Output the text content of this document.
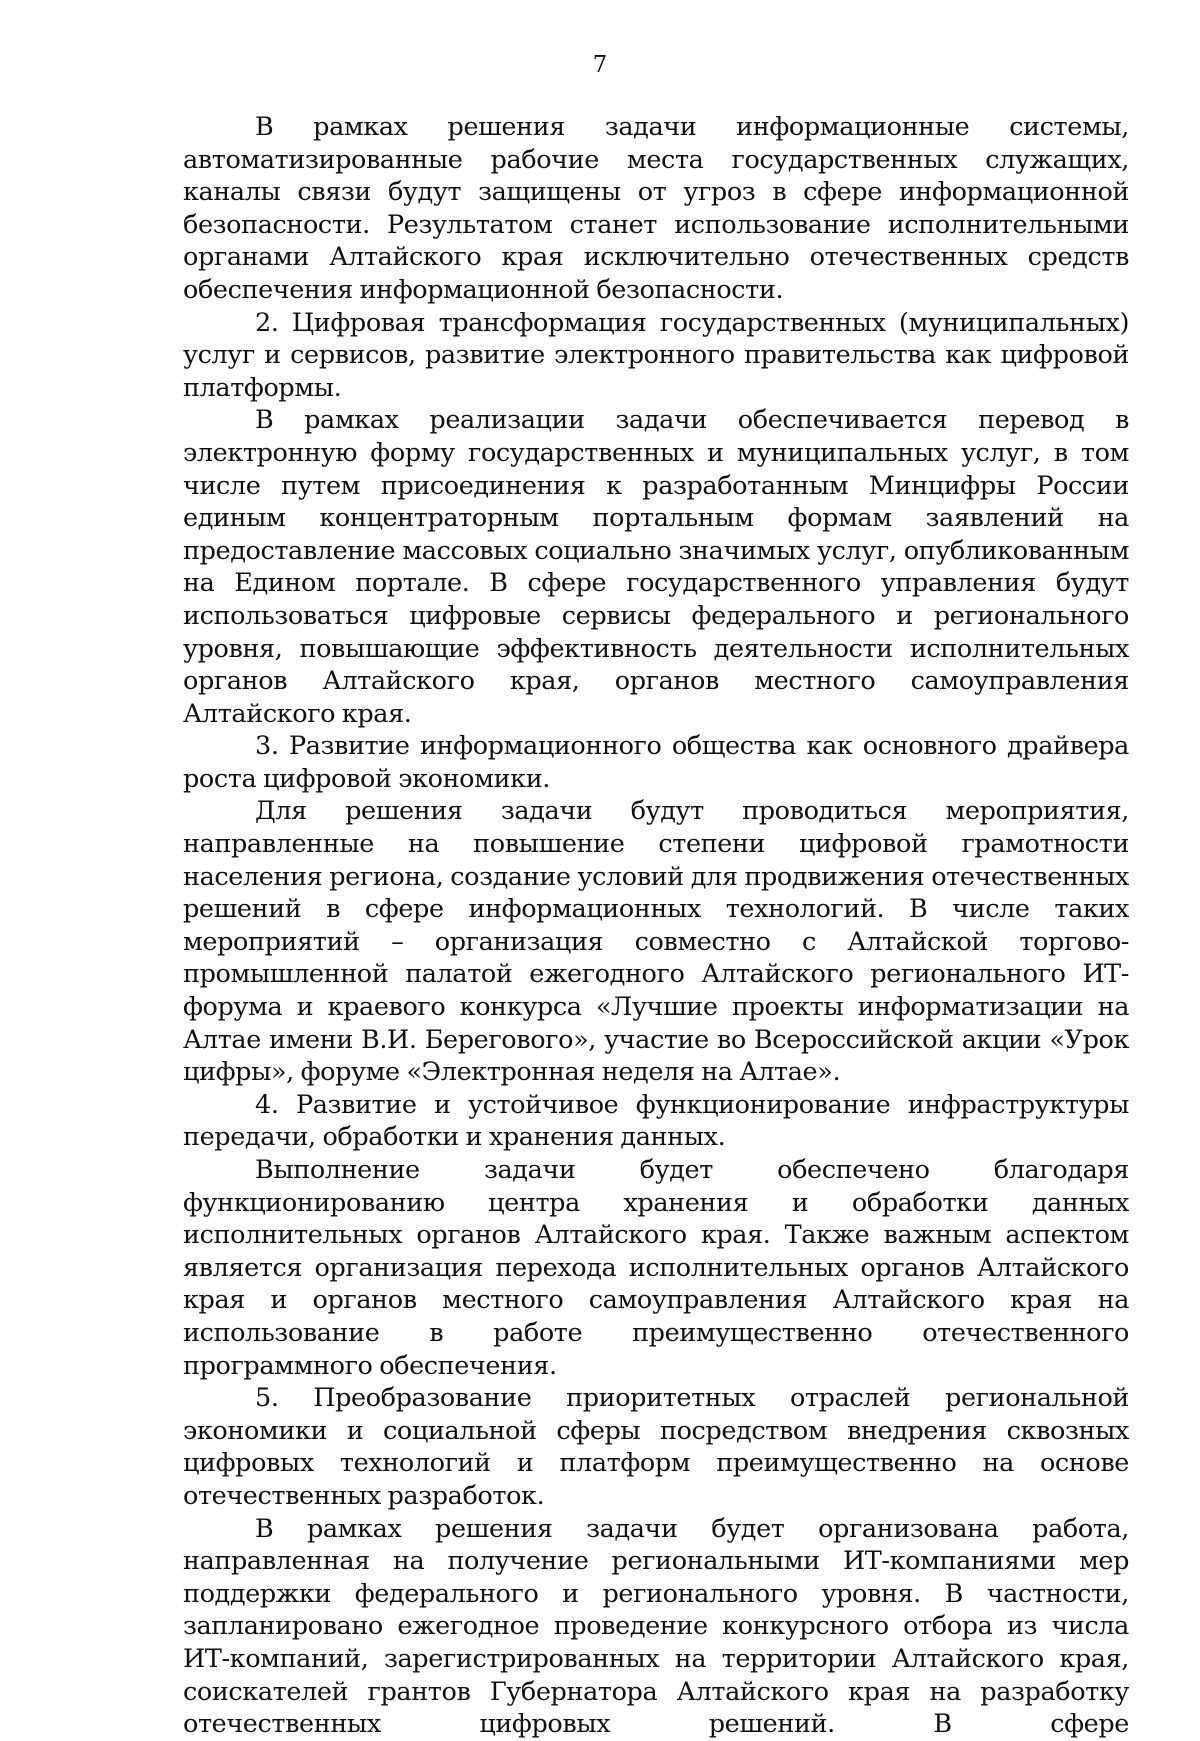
7

В рамках решения задачи информационные системы, автоматизированные рабочие места государственных служащих, каналы связи будут защищены от угроз в сфере информационной безопасности. Результатом станет использование исполнительными органами Алтайского края исключительно отечественных средств обеспечения информационной безопасности.

2. Цифровая трансформация государственных (муниципальных) услуг и сервисов, развитие электронного правительства как цифровой платформы.

В рамках реализации задачи обеспечивается перевод в электронную форму государственных и муниципальных услуг, в том числе путем присоединения к разработанным Минцифры России единым концентраторным портальным формам заявлений на предоставление массовых социально значимых услуг, опубликованным на Едином портале. В сфере государственного управления будут использоваться цифровые сервисы федерального и регионального уровня, повышающие эффективность деятельности исполнительных органов Алтайского края, органов местного самоуправления Алтайского края.

3. Развитие информационного общества как основного драйвера роста цифровой экономики.

Для решения задачи будут проводиться мероприятия, направленные на повышение степени цифровой грамотности населения региона, создание условий для продвижения отечественных решений в сфере информационных технологий. В числе таких мероприятий – организация совместно с Алтайской торгово-промышленной палатой ежегодного Алтайского регионального ИТ-форума и краевого конкурса «Лучшие проекты информатизации на Алтае имени В.И. Берегового», участие во Всероссийской акции «Урок цифры», форуме «Электронная неделя на Алтае».

4. Развитие и устойчивое функционирование инфраструктуры передачи, обработки и хранения данных.

Выполнение задачи будет обеспечено благодаря функционированию центра хранения и обработки данных исполнительных органов Алтайского края. Также важным аспектом является организация перехода исполнительных органов Алтайского края и органов местного самоуправления Алтайского края на использование в работе преимущественно отечественного программного обеспечения.

5. Преобразование приоритетных отраслей региональной экономики и социальной сферы посредством внедрения сквозных цифровых технологий и платформ преимущественно на основе отечественных разработок.

В рамках решения задачи будет организована работа, направленная на получение региональными ИТ-компаниями мер поддержки федерального и регионального уровня. В частности, запланировано ежегодное проведение конкурсного отбора из числа ИТ-компаний, зарегистрированных на территории Алтайского края, соискателей грантов Губернатора Алтайского края на разработку отечественных цифровых решений. В сфере
